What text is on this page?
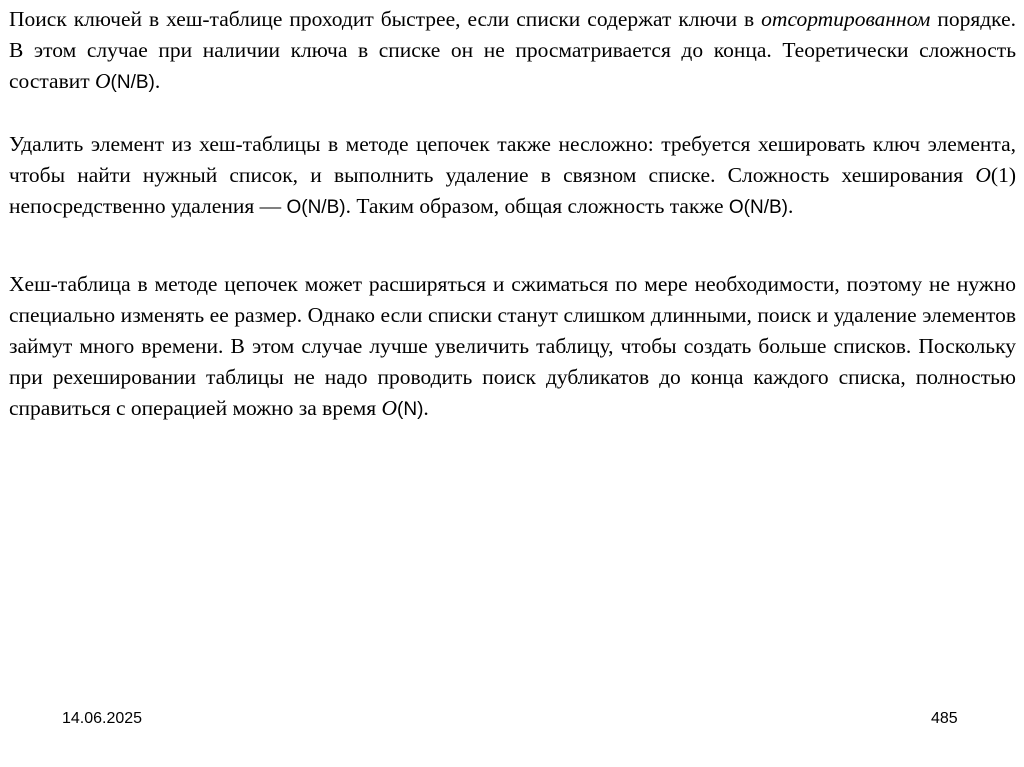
Поиск ключей в хеш-таблице проходит быстрее, если списки содержат ключи в отсортированном порядке. В этом случае при наличии ключа в списке он не просматривается до конца. Теоретически сложность составит O(N/B).

Удалить элемент из хеш-таблицы в методе цепочек также несложно: требуется хешировать ключ элемента, чтобы найти нужный список, и выполнить удаление в связном списке. Сложность хеширования O(1) непосредственно удаления — O(N/B). Таким образом, общая сложность также O(N/B).

Хеш-таблица в методе цепочек может расширяться и сжиматься по мере необходимости, поэтому не нужно специально изменять ее размер. Однако если списки станут слишком длинными, поиск и удаление элементов займут много времени. В этом случае лучше увеличить таблицу, чтобы создать больше списков. Поскольку при рехешировании таблицы не надо проводить поиск дубликатов до конца каждого списка, полностью справиться с операцией можно за время O(N).

14.06.2025	485
